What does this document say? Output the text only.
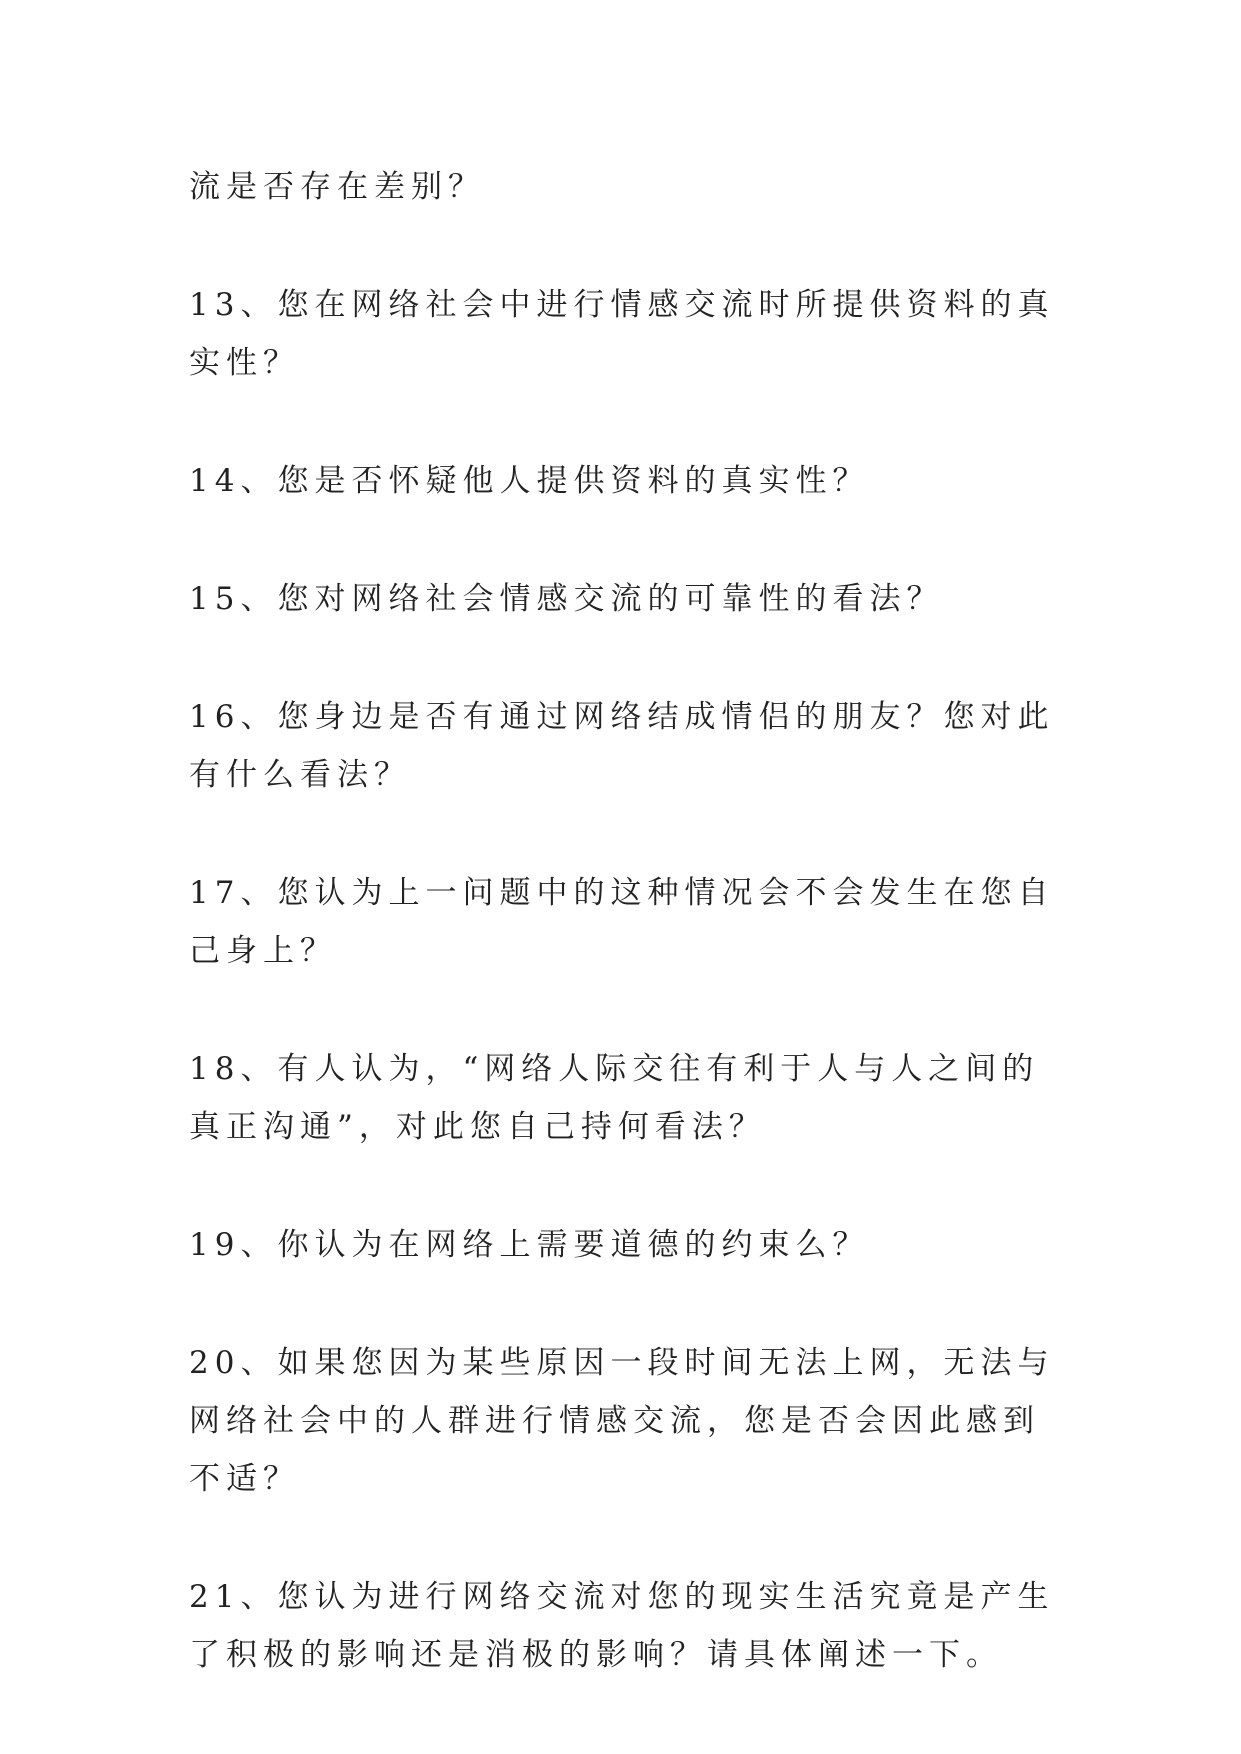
流是否存在差别？

13、您在网络社会中进行情感交流时所提供资料的真实性？

14、您是否怀疑他人提供资料的真实性？

15、您对网络社会情感交流的可靠性的看法？

16、您身边是否有通过网络结成情侣的朋友？您对此有什么看法？

17、您认为上一问题中的这种情况会不会发生在您自己身上？

18、有人认为，“网络人际交往有利于人与人之间的真正沟通”，对此您自己持何看法？

19、你认为在网络上需要道德的约束么？

20、如果您因为某些原因一段时间无法上网，无法与网络社会中的人群进行情感交流，您是否会因此感到不适？

21、您认为进行网络交流对您的现实生活究竟是产生了积极的影响还是消极的影响？请具体阐述一下。
